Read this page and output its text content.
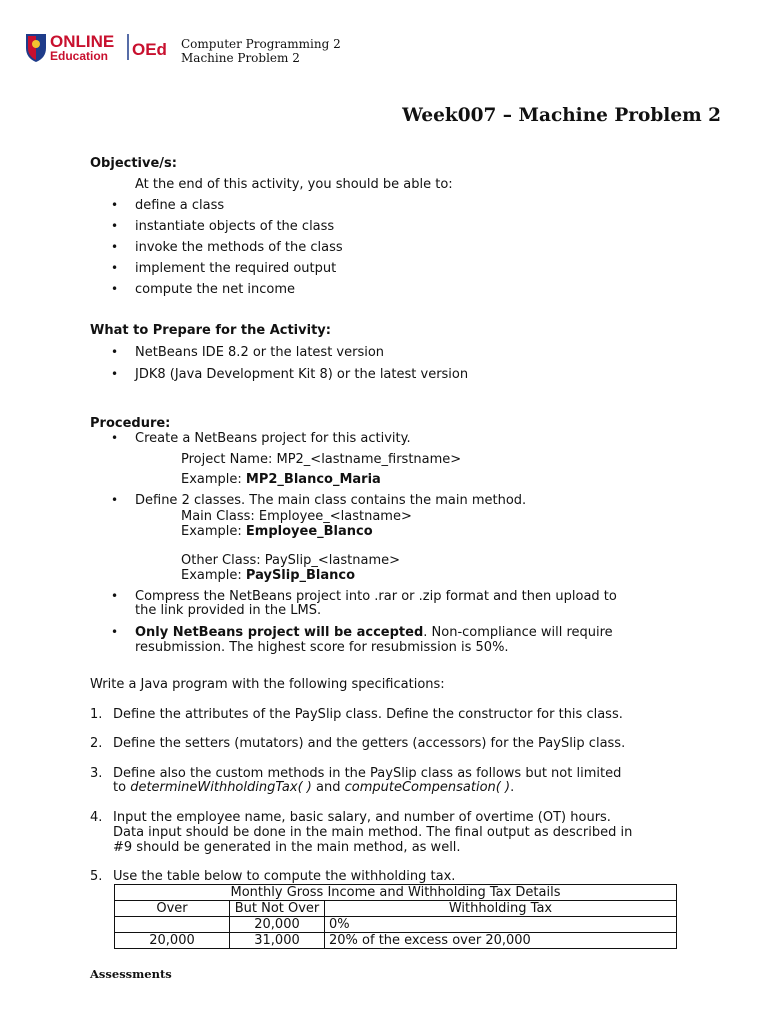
ONLINE
Education OEd Computer Programming 2
Machine Problem 2
Week007 – Machine Problem 2
Objective/s:
At the end of this activity, you should be able to:
• define a class
• instantiate objects of the class
• invoke the methods of the class
• implement the required output
• compute the net income
What to Prepare for the Activity:
• NetBeans IDE 8.2 or the latest version
• JDK8 (Java Development Kit 8) or the latest version
Procedure:
• Create a NetBeans project for this activity.
Project Name: MP2_<lastname_firstname>
Example: MP2_Blanco_Maria
• Define 2 classes. The main class contains the main method.
Main Class: Employee_<lastname>
Example: Employee_Blanco
Other Class: PaySlip_<lastname>
Example: PaySlip_Blanco
• Compress the NetBeans project into .rar or .zip format and then upload to
the link provided in the LMS.
• Only NetBeans project will be accepted. Non-compliance will require
resubmission. The highest score for resubmission is 50%.
Write a Java program with the following specifications:
1. Define the attributes of the PaySlip class. Define the constructor for this class.
2. Define the setters (mutators) and the getters (accessors) for the PaySlip class.
3. Define also the custom methods in the PaySlip class as follows but not limited
to determineWithholdingTax( ) and computeCompensation( ).
4. Input the employee name, basic salary, and number of overtime (OT) hours.
Data input should be done in the main method. The final output as described in
#9 should be generated in the main method, as well.
5. Use the table below to compute the withholding tax.
Monthly Gross Income and Withholding Tax Details		
Over	But Not Over	Withholding Tax
	20,000	0%
20,000	31,000	20% of the excess over 20,000
Assessments
